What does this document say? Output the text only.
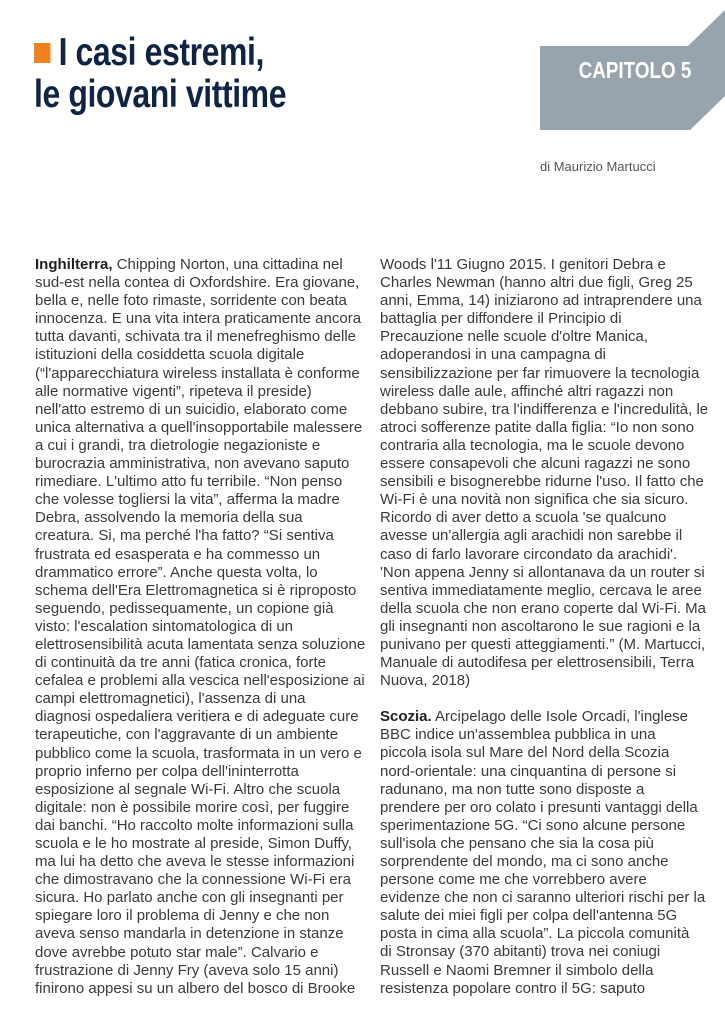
I casi estremi,
le giovani vittime
CAPITOLO 5
di Maurizio Martucci
Inghilterra, Chipping Norton, una cittadina nel
sud-est nella contea di Oxfordshire. Era giovane,
bella e, nelle foto rimaste, sorridente con beata
innocenza. E una vita intera praticamente ancora
tutta davanti, schivata tra il menefreghismo delle
istituzioni della cosiddetta scuola digitale
(“l'apparecchiatura wireless installata è conforme
alle normative vigenti”, ripeteva il preside)
nell'atto estremo di un suicidio, elaborato come
unica alternativa a quell'insopportabile malessere
a cui i grandi, tra dietrologie negazioniste e
burocrazia amministrativa, non avevano saputo
rimediare. L'ultimo atto fu terribile. “Non penso
che volesse togliersi la vita”, afferma la madre
Debra, assolvendo la memoria della sua
creatura. Si, ma perché l'ha fatto? “Si sentiva
frustrata ed esasperata e ha commesso un
drammatico errore”. Anche questa volta, lo
schema dell'Era Elettromagnetica si è riproposto
seguendo, pedissequamente, un copione già
visto: l'escalation sintomatologica di un
elettrosensibilità acuta lamentata senza soluzione
di continuità da tre anni (fatica cronica, forte
cefalea e problemi alla vescica nell'esposizione ai
campi elettromagnetici), l'assenza di una
diagnosi ospedaliera veritiera e di adeguate cure
terapeutiche, con l'aggravante di un ambiente
pubblico come la scuola, trasformata in un vero e
proprio inferno per colpa dell'ininterrotta
esposizione al segnale Wi-Fi. Altro che scuola
digitale: non è possibile morire così, per fuggire
dai banchi. “Ho raccolto molte informazioni sulla
scuola e le ho mostrate al preside, Simon Duffy,
ma lui ha detto che aveva le stesse informazioni
che dimostravano che la connessione Wi-Fi era
sicura. Ho parlato anche con gli insegnanti per
spiegare loro il problema di Jenny e che non
aveva senso mandarla in detenzione in stanze
dove avrebbe potuto star male”. Calvario e
frustrazione di Jenny Fry (aveva solo 15 anni)
finirono appesi su un albero del bosco di Brooke
Woods l'11 Giugno 2015. I genitori Debra e
Charles Newman (hanno altri due figli, Greg 25
anni, Emma, 14) iniziarono ad intraprendere una
battaglia per diffondere il Principio di
Precauzione nelle scuole d'oltre Manica,
adoperandosi in una campagna di
sensibilizzazione per far rimuovere la tecnologia
wireless dalle aule, affinché altri ragazzi non
debbano subire, tra l'indifferenza e l'incredulità, le
atroci sofferenze patite dalla figlia: “Io non sono
contraria alla tecnologia, ma le scuole devono
essere consapevoli che alcuni ragazzi ne sono
sensibili e bisognerebbe ridurne l'uso. Il fatto che
Wi-Fi è una novità non significa che sia sicuro.
Ricordo di aver detto a scuola 'se qualcuno
avesse un'allergia agli arachidi non sarebbe il
caso di farlo lavorare circondato da arachidi'.
'Non appena Jenny si allontanava da un router si
sentiva immediatamente meglio, cercava le aree
della scuola che non erano coperte dal Wi-Fi. Ma
gli insegnanti non ascoltarono le sue ragioni e la
punivano per questi atteggiamenti.” (M. Martucci,
Manuale di autodifesa per elettrosensibili, Terra
Nuova, 2018)
Scozia. Arcipelago delle Isole Orcadi, l'inglese
BBC indice un'assemblea pubblica in una
piccola isola sul Mare del Nord della Scozia
nord-orientale: una cinquantina di persone si
radunano, ma non tutte sono disposte a
prendere per oro colato i presunti vantaggi della
sperimentazione 5G. “Ci sono alcune persone
sull'isola che pensano che sia la cosa più
sorprendente del mondo, ma ci sono anche
persone come me che vorrebbero avere
evidenze che non ci saranno ulteriori rischi per la
salute dei miei figli per colpa dell'antenna 5G
posta in cima alla scuola”. La piccola comunità
di Stronsay (370 abitanti) trova nei coniugi
Russell e Naomi Bremner il simbolo della
resistenza popolare contro il 5G: saputo
